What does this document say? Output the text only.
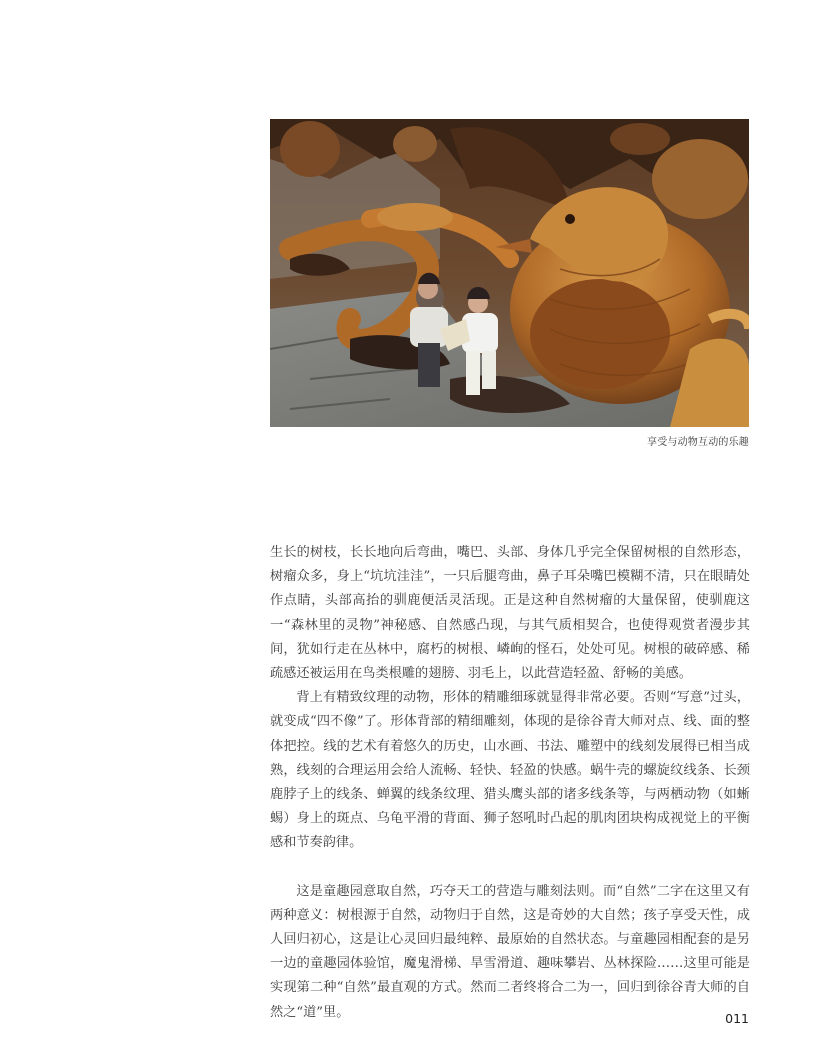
享受与动物互动的乐趣

生长的树枝，长长地向后弯曲，嘴巴、头部、身体几乎完全保留树根的自然形态，树瘤众多，身上“坑坑洼洼”，一只后腿弯曲，鼻子耳朵嘴巴模糊不清，只在眼睛处作点睛，头部高抬的驯鹿便活灵活现。正是这种自然树瘤的大量保留，使驯鹿这一“森林里的灵物”神秘感、自然感凸现，与其气质相契合，也使得观赏者漫步其间，犹如行走在丛林中，腐朽的树根、嶙峋的怪石，处处可见。树根的破碎感、稀疏感还被运用在鸟类根雕的翅膀、羽毛上，以此营造轻盈、舒畅的美感。

背上有精致纹理的动物，形体的精雕细琢就显得非常必要。否则“写意”过头，就变成“四不像”了。形体背部的精细雕刻，体现的是徐谷青大师对点、线、面的整体把控。线的艺术有着悠久的历史，山水画、书法、雕塑中的线刻发展得已相当成熟，线刻的合理运用会给人流畅、轻快、轻盈的快感。蜗牛壳的螺旋纹线条、长颈鹿脖子上的线条、蝉翼的线条纹理、猎头鹰头部的诸多线条等，与两栖动物（如蜥蜴）身上的斑点、乌龟平滑的背面、狮子怒吼时凸起的肌肉团块构成视觉上的平衡感和节奏韵律。

这是童趣园意取自然，巧夺天工的营造与雕刻法则。而“自然”二字在这里又有两种意义：树根源于自然，动物归于自然，这是奇妙的大自然；孩子享受天性，成人回归初心，这是让心灵回归最纯粹、最原始的自然状态。与童趣园相配套的是另一边的童趣园体验馆，魔鬼滑梯、旱雪滑道、趣味攀岩、丛林探险……这里可能是实现第二种“自然”最直观的方式。然而二者终将合二为一，回归到徐谷青大师的自然之“道”里。	011
